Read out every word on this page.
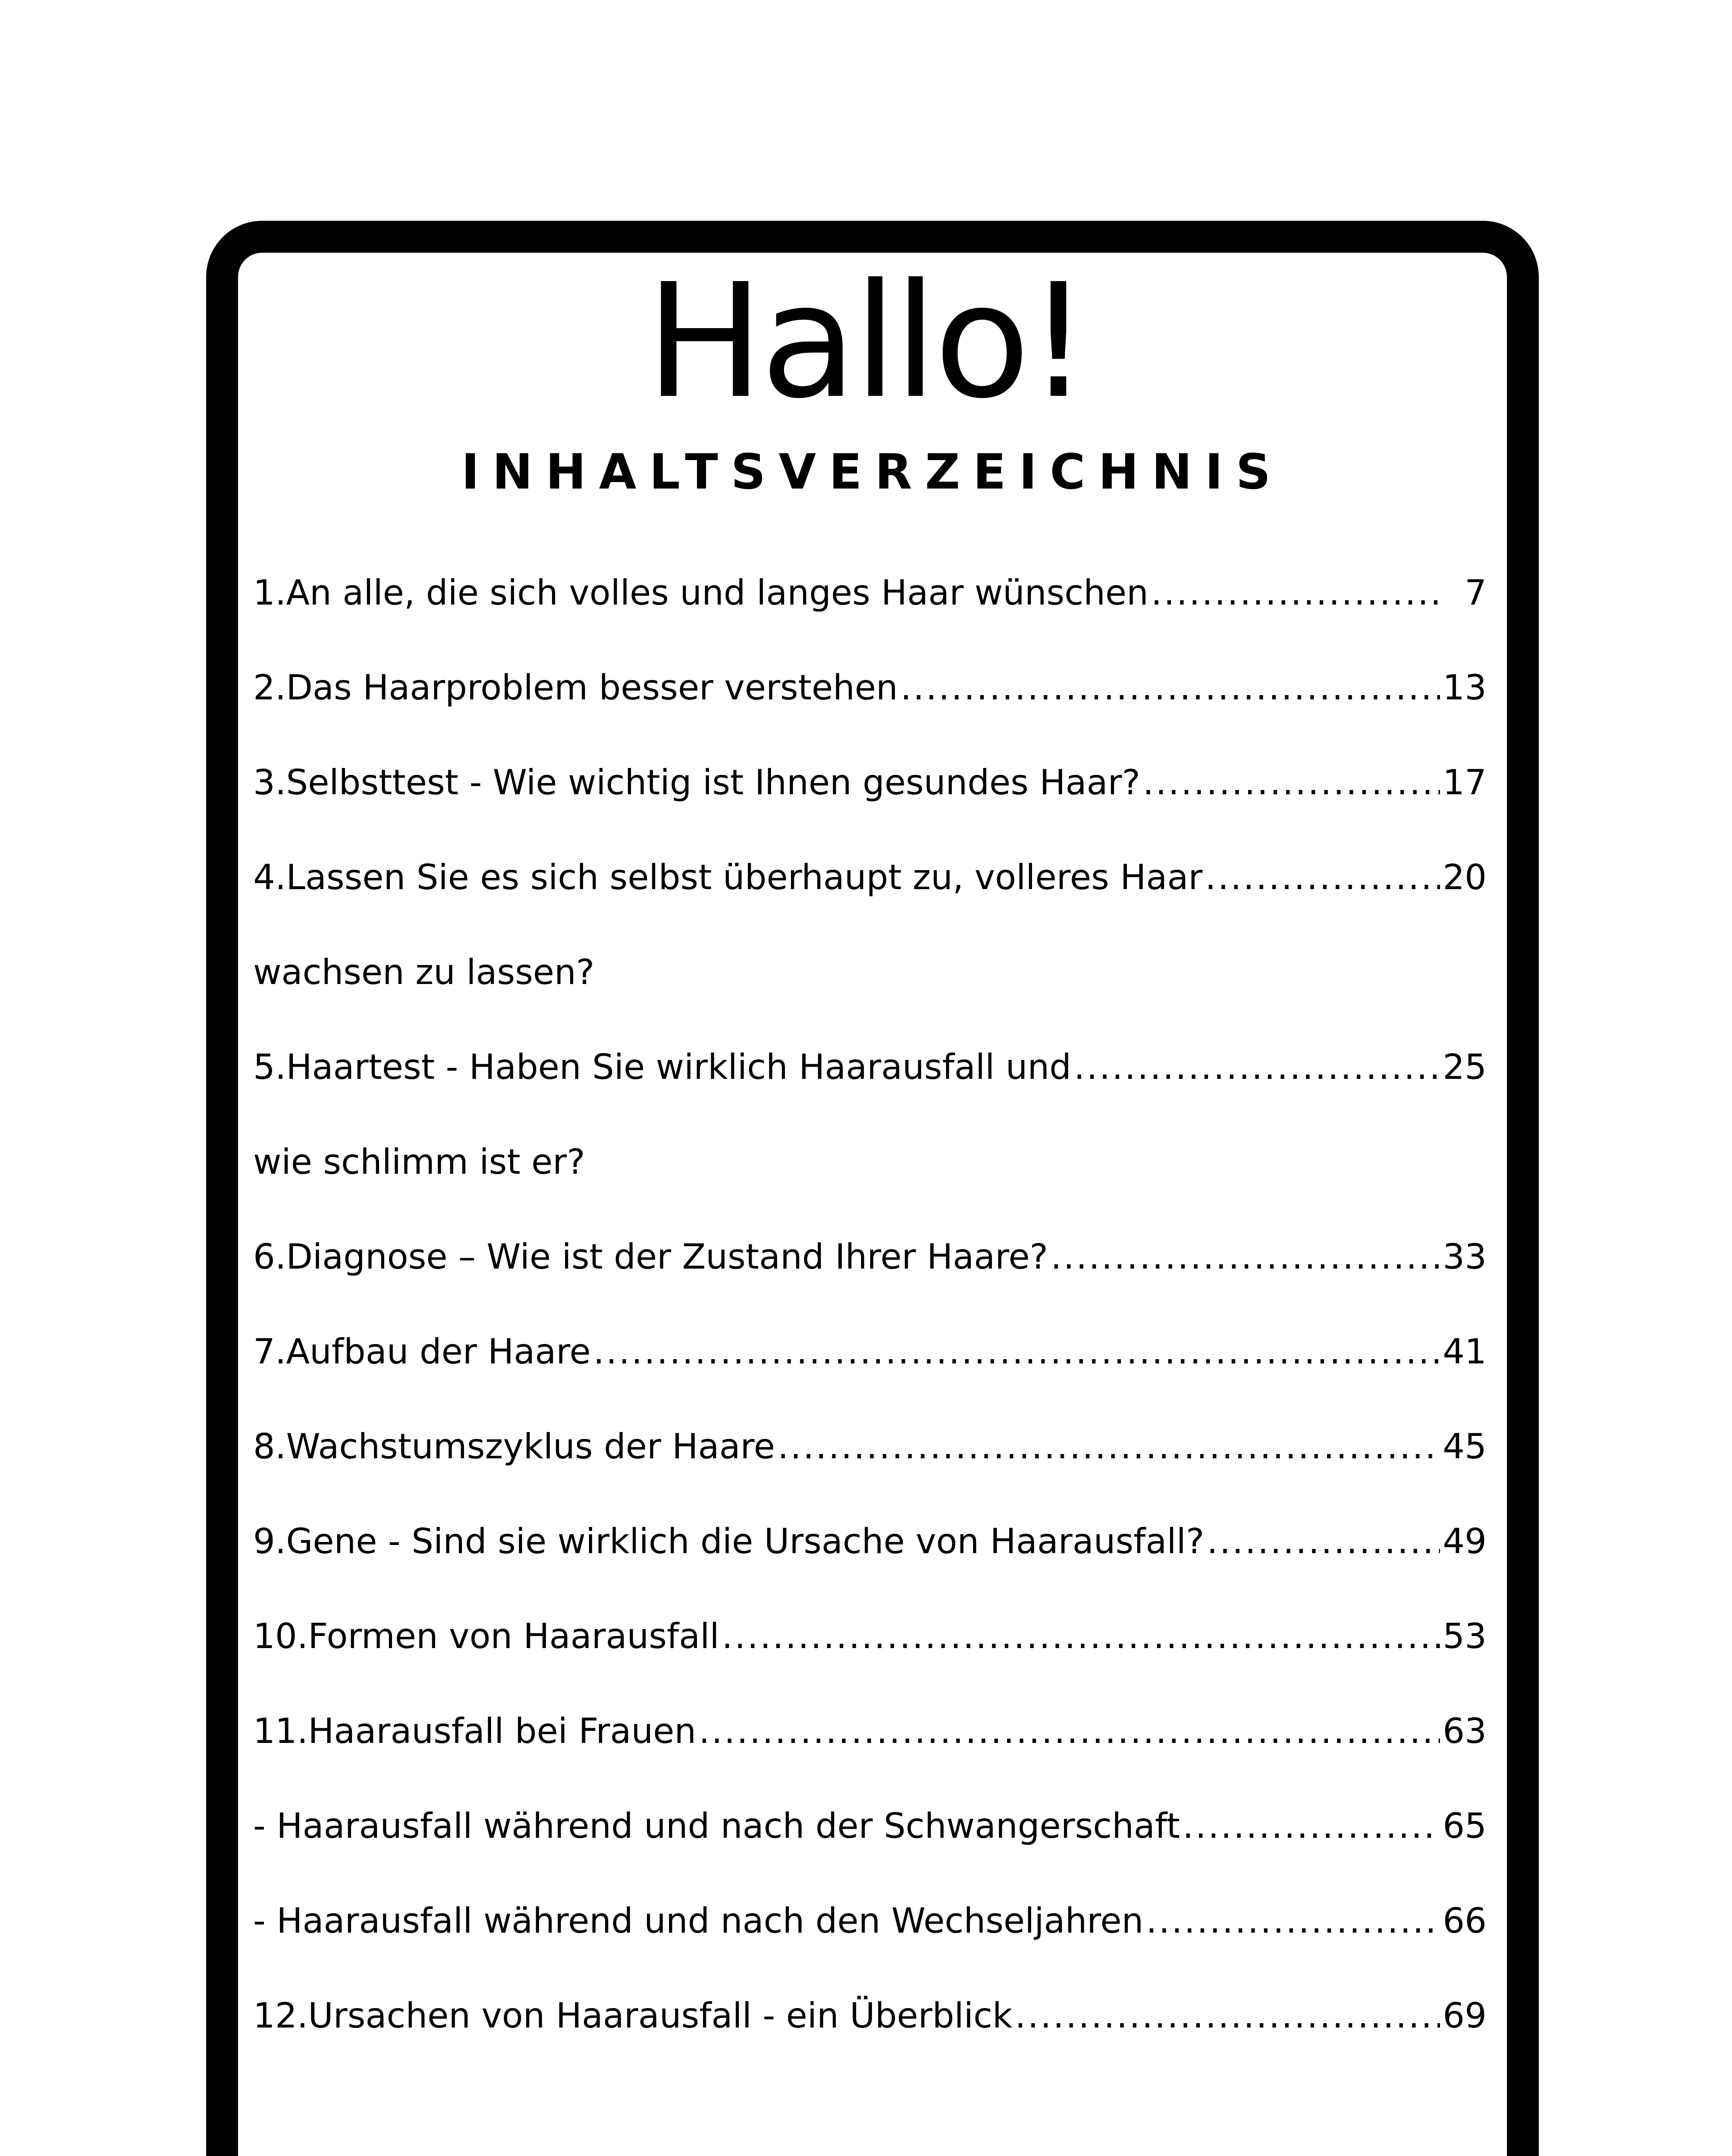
Hallo!
INHALTSVERZEICHNIS
1.An alle, die sich volles und langes Haar wünschen .....	7
2.Das Haarproblem besser verstehen .....	13
3.Selbsttest - Wie wichtig ist Ihnen gesundes Haar? .....	17
4.Lassen Sie es sich selbst überhaupt zu, volleres Haar .....	20
wachsen zu lassen?
5.Haartest - Haben Sie wirklich Haarausfall und .....	25
wie schlimm ist er?
6.Diagnose – Wie ist der Zustand Ihrer Haare? .....	33
7.Aufbau der Haare .....	41
8.Wachstumszyklus der Haare .....	45
9.Gene - Sind sie wirklich die Ursache von Haarausfall? .....	49
10.Formen von Haarausfall .....	53
11.Haarausfall bei Frauen .....	63
- Haarausfall während und nach der Schwangerschaft .....	65
- Haarausfall während und nach den Wechseljahren .....	66
12.Ursachen von Haarausfall - ein Überblick .....	69
